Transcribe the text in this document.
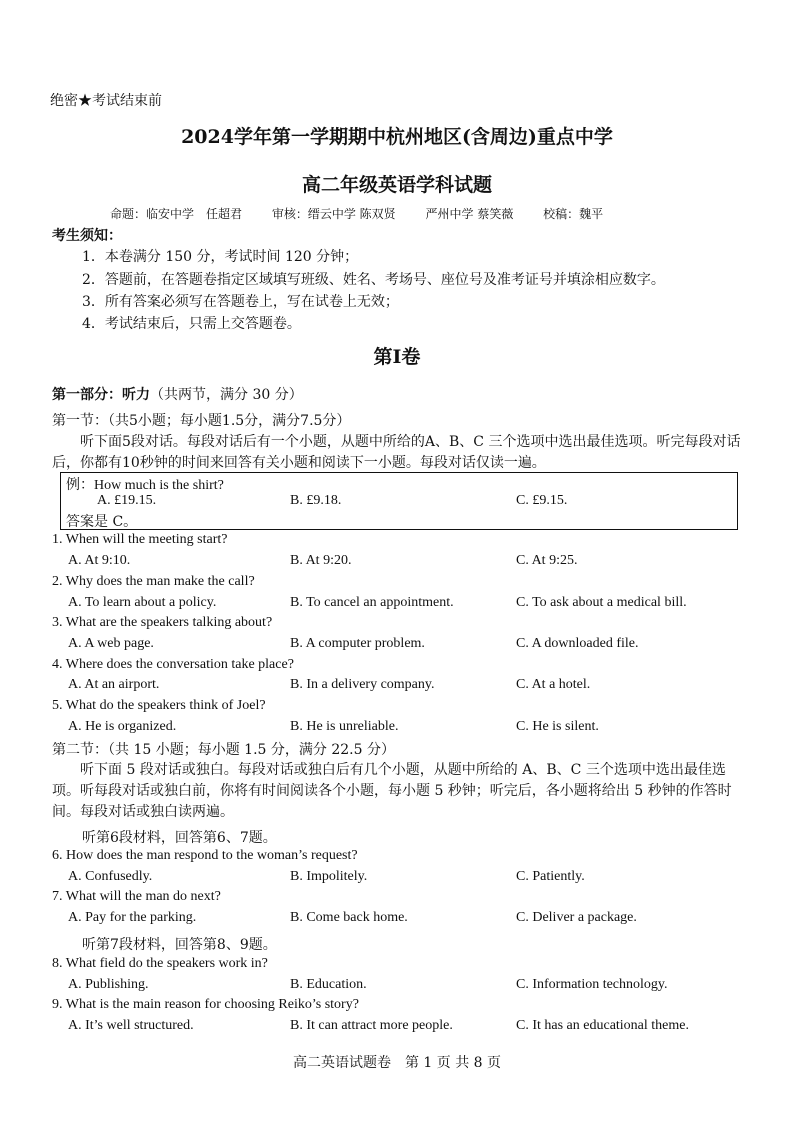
绝密★考试结束前
2024学年第一学期期中杭州地区(含周边)重点中学
高二年级英语学科试题
命题：临安中学　任超君 审核：缙云中学 陈双贤 严州中学 蔡笑薇 校稿：魏平
考生须知：
1．本卷满分 150 分，考试时间 120 分钟；
2．答题前，在答题卷指定区域填写班级、姓名、考场号、座位号及准考证号并填涂相应数字。
3．所有答案必须写在答题卷上，写在试卷上无效；
4．考试结束后，只需上交答题卷。
第Ⅰ卷
第一部分：听力（共两节，满分 30 分）
第一节：（共5小题；每小题1.5分，满分7.5分）
听下面5段对话。每段对话后有一个小题，从题中所给的A、B、C 三个选项中选出最佳选项。听完每段对话后，你都有10秒钟的时间来回答有关小题和阅读下一小题。每段对话仅读一遍。
例：How much is the shirt?
A. £19.15.	B. £9.18.	C. £9.15.
答案是 C。
1. When will the meeting start?
A. At 9:10.	B. At 9:20.	C. At 9:25.
2. Why does the man make the call?
A. To learn about a policy.	B. To cancel an appointment.	C. To ask about a medical bill.
3. What are the speakers talking about?
A. A web page.	B. A computer problem.	C. A downloaded file.
4. Where does the conversation take place?
A. At an airport.	B. In a delivery company.	C. At a hotel.
5. What do the speakers think of Joel?
A. He is organized.	B. He is unreliable.	C. He is silent.
第二节：（共 15 小题；每小题 1.5 分，满分 22.5 分）
听下面 5 段对话或独白。每段对话或独白后有几个小题，从题中所给的 A、B、C 三个选项中选出最佳选项。听每段对话或独白前，你将有时间阅读各个小题，每小题 5 秒钟；听完后，各小题将给出 5 秒钟的作答时间。每段对话或独白读两遍。
听第6段材料，回答第6、7题。
6. How does the man respond to the woman’s request?
A. Confusedly.	B. Impolitely.	C. Patiently.
7. What will the man do next?
A. Pay for the parking.	B. Come back home.	C. Deliver a package.
听第7段材料，回答第8、9题。
8. What field do the speakers work in?
A. Publishing.	B. Education.	C. Information technology.
9. What is the main reason for choosing Reiko’s story?
A. It’s well structured.	B. It can attract more people.	C. It has an educational theme.
高二英语试题卷　第 1 页 共 8 页
